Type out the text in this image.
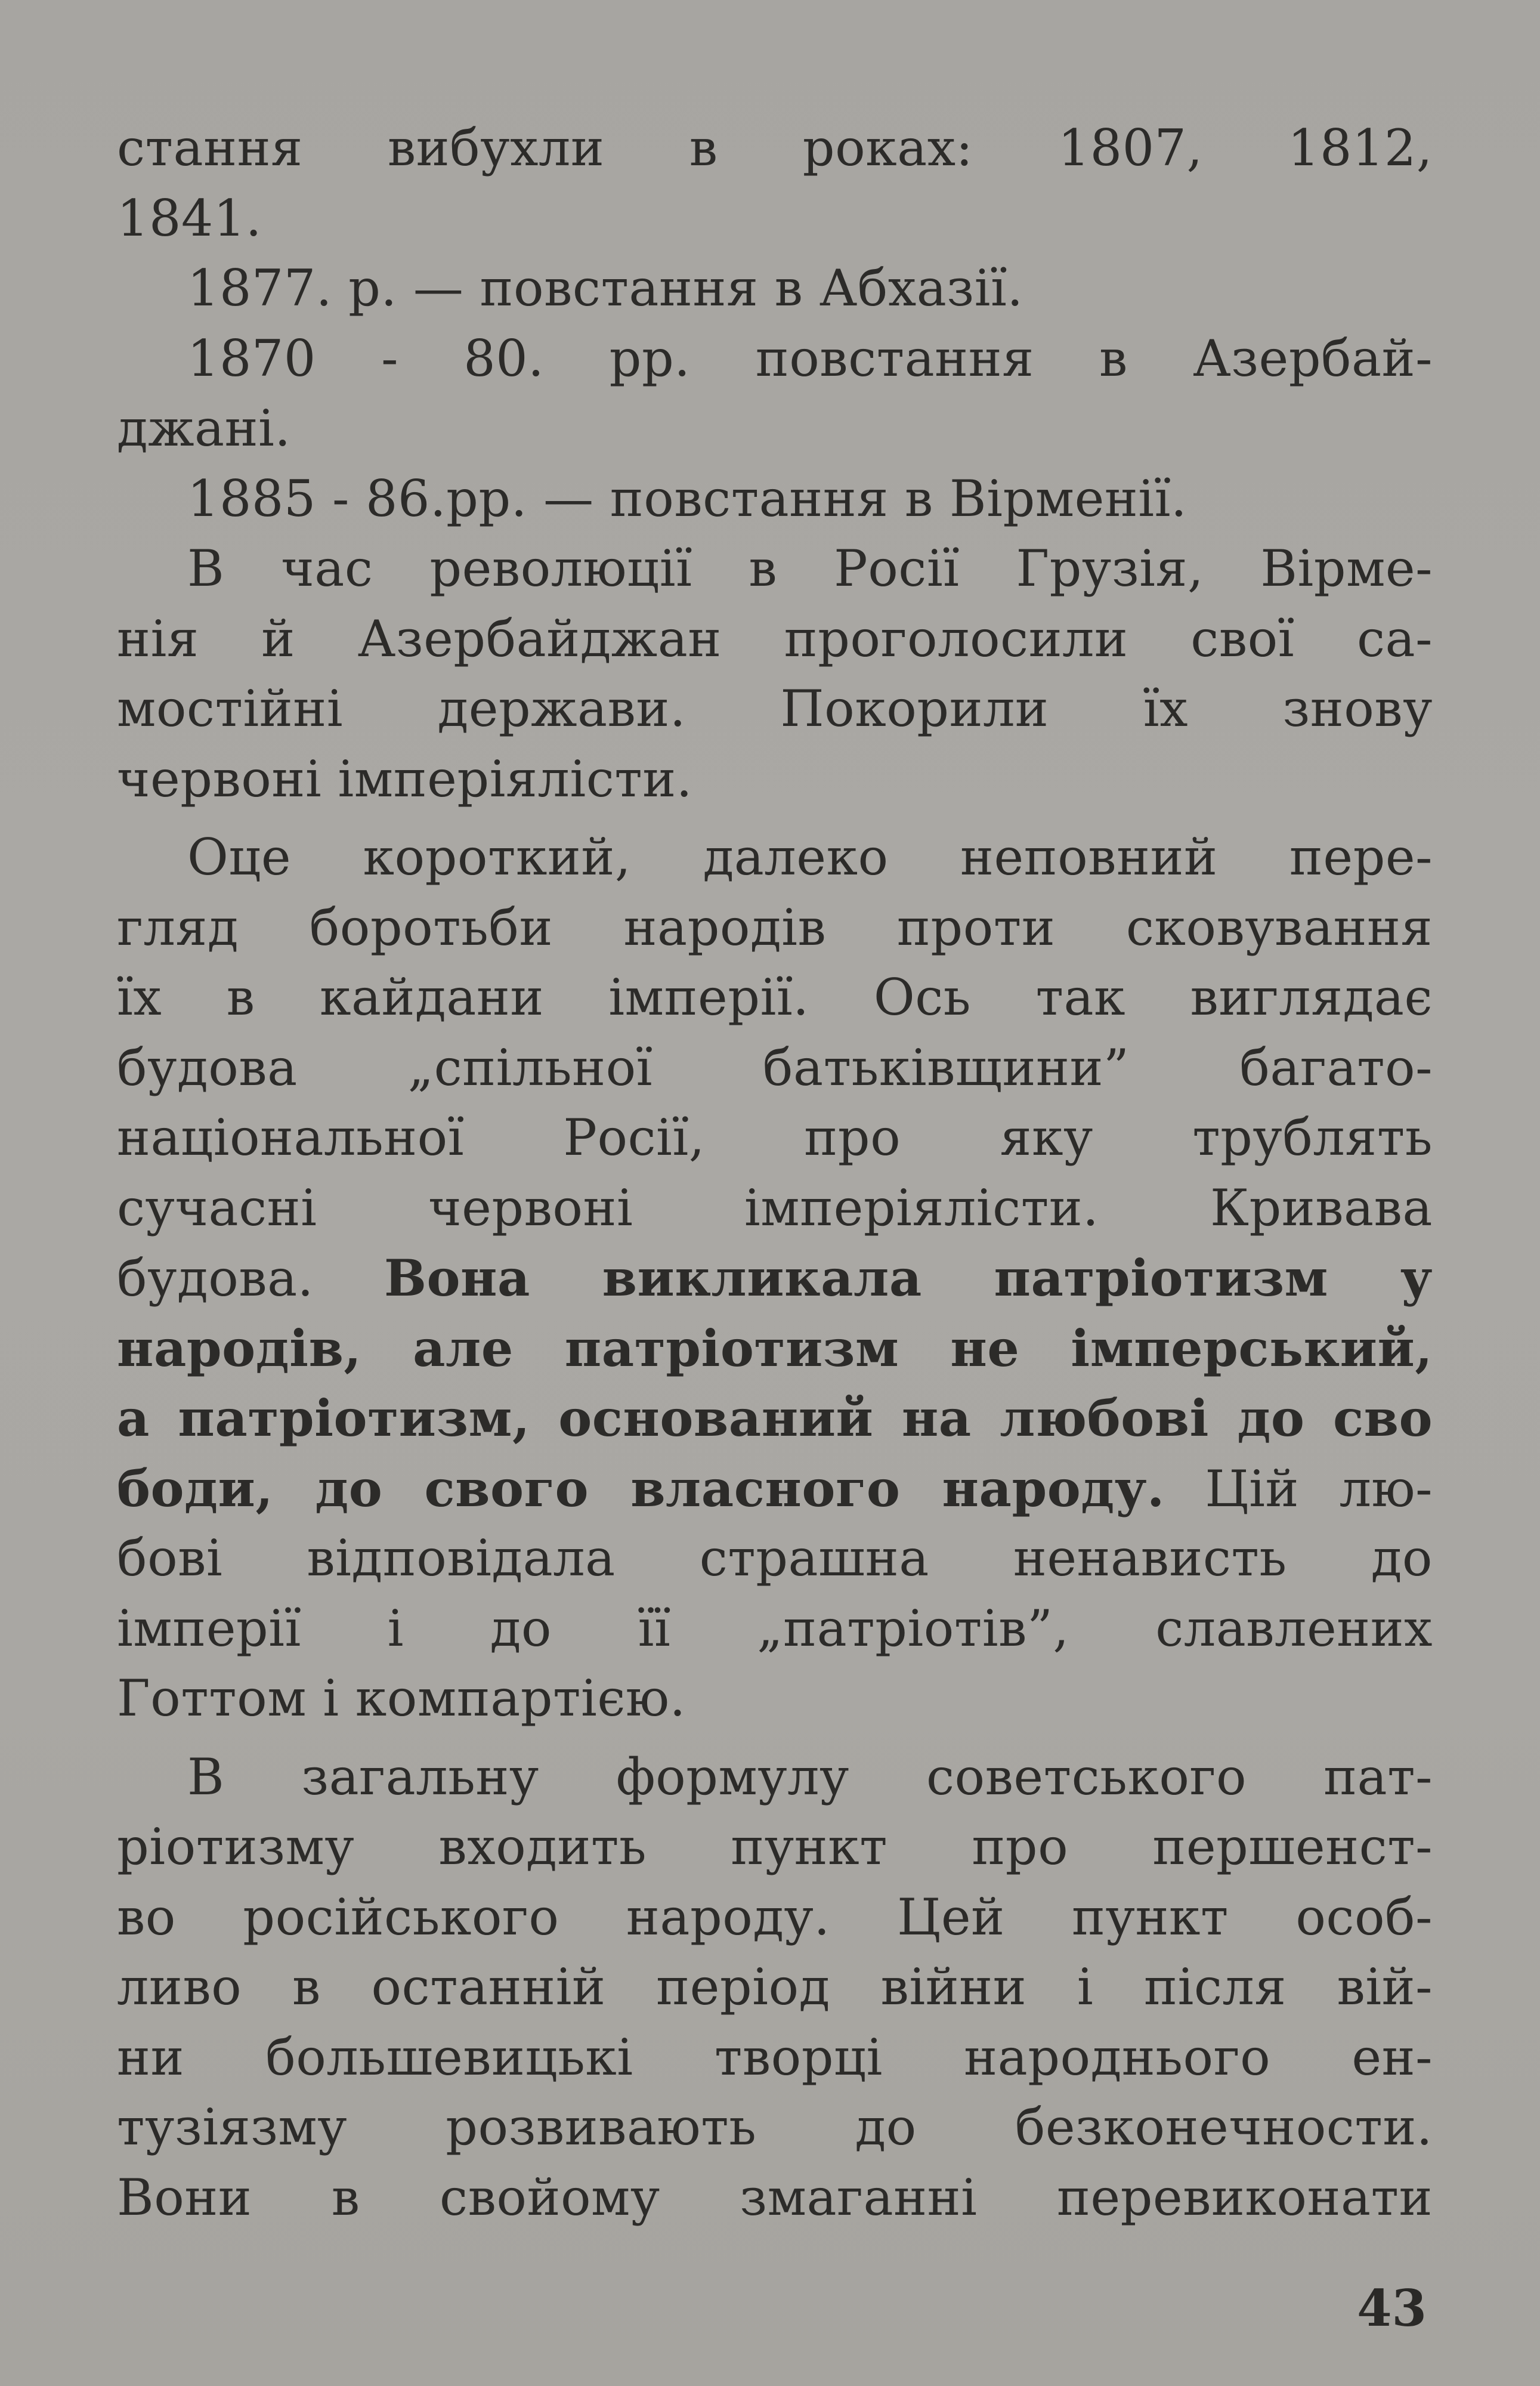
стання вибухли в роках: 1807, 1812,
1841.
1877. р. — повстання в Абхазії.
1870 - 80. рр. повстання в Азербай-
джані.
1885 - 86.рр. — повстання в Вірменії.
В час революції в Росії Грузія, Вірме-
нія й Азербайджан проголосили свої са-
мостійні держави. Покорили їх знову
червоні імперіялісти.
Оце короткий, далеко неповний пере-
гляд боротьби народів проти сковування
їх в кайдани імперії. Ось так виглядає
будова „спільної батьківщини” багато-
національної Росії, про яку трублять
сучасні червоні імперіялісти. Кривава
будова. Вона викликала патріотизм у
народів, але патріотизм не імперський,
а патріотизм, оснований на любові до сво
боди, до свого власного народу. Цій лю-
бові відповідала страшна ненависть до
імперії і до її „патріотів”, славлених
Готтом і компартією.
В загальну формулу советського пат-
ріотизму входить пункт про першенст-
во російського народу. Цей пункт особ-
ливо в останній період війни і після вій-
ни большевицькі творці народнього ен-
тузіязму розвивають до безконечности.
Вони в свойому змаганні перевиконати
43
